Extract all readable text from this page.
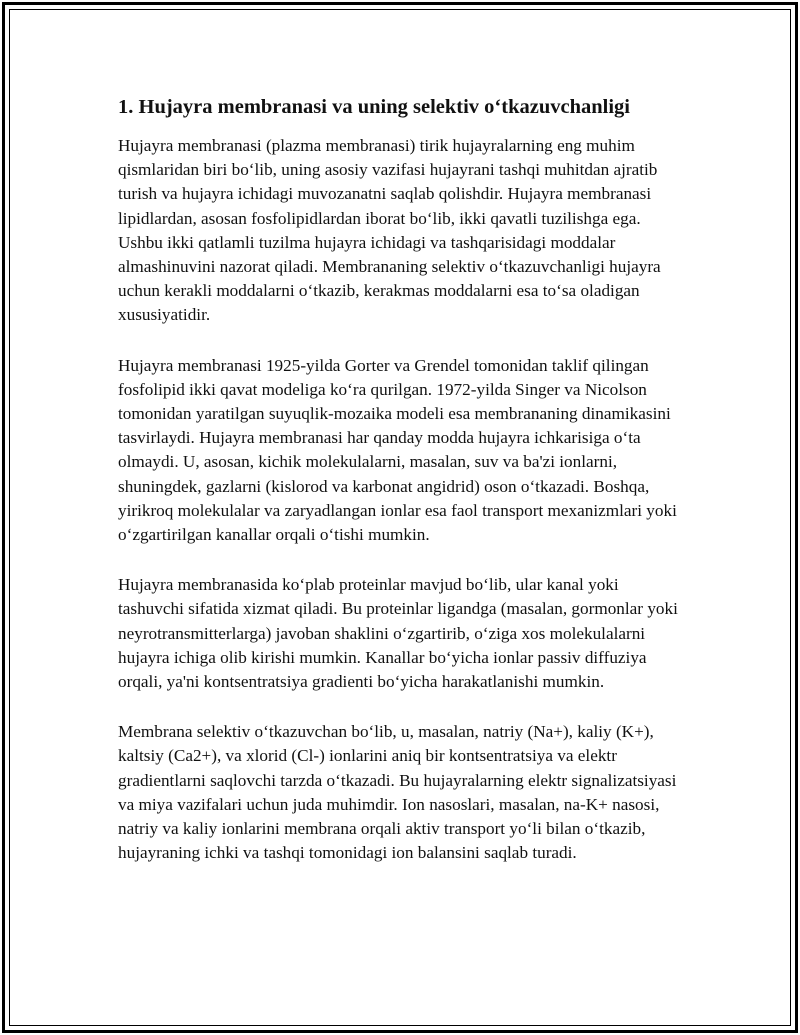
1. Hujayra membranasi va uning selektiv oʻtkazuvchanligi

Hujayra membranasi (plazma membranasi) tirik hujayralarning eng muhim qismlaridan biri boʻlib, uning asosiy vazifasi hujayrani tashqi muhitdan ajratib turish va hujayra ichidagi muvozanatni saqlab qolishdir. Hujayra membranasi lipidlardan, asosan fosfolipidlardan iborat boʻlib, ikki qavatli tuzilishga ega. Ushbu ikki qatlamli tuzilma hujayra ichidagi va tashqarisidagi moddalar almashinuvini nazorat qiladi. Membrananing selektiv oʻtkazuvchanligi hujayra uchun kerakli moddalarni oʻtkazib, kerakmas moddalarni esa toʻsa oladigan xususiyatidir.

Hujayra membranasi 1925-yilda Gorter va Grendel tomonidan taklif qilingan fosfolipid ikki qavat modeliga koʻra qurilgan. 1972-yilda Singer va Nicolson tomonidan yaratilgan suyuqlik-mozaika modeli esa membrananing dinamikasini tasvirlaydi. Hujayra membranasi har qanday modda hujayra ichkarisiga oʻta olmaydi. U, asosan, kichik molekulalarni, masalan, suv va ba'zi ionlarni, shuningdek, gazlarni (kislorod va karbonat angidrid) oson oʻtkazadi. Boshqa, yirikroq molekulalar va zaryadlangan ionlar esa faol transport mexanizmlari yoki oʻzgartirilgan kanallar orqali oʻtishi mumkin.

Hujayra membranasida koʻplab proteinlar mavjud boʻlib, ular kanal yoki tashuvchi sifatida xizmat qiladi. Bu proteinlar ligandga (masalan, gormonlar yoki neyrotransmitterlarga) javoban shaklini oʻzgartirib, oʻziga xos molekulalarni hujayra ichiga olib kirishi mumkin. Kanallar boʻyicha ionlar passiv diffuziya orqali, ya'ni kontsentratsiya gradienti boʻyicha harakatlanishi mumkin.

Membrana selektiv oʻtkazuvchan boʻlib, u, masalan, natriy (Na+), kaliy (K+), kaltsiy (Ca2+), va xlorid (Cl-) ionlarini aniq bir kontsentratsiya va elektr gradientlarni saqlovchi tarzda oʻtkazadi. Bu hujayralarning elektr signalizatsiyasi va miya vazifalari uchun juda muhimdir. Ion nasoslari, masalan, na-K+ nasosi, natriy va kaliy ionlarini membrana orqali aktiv transport yoʻli bilan oʻtkazib, hujayraning ichki va tashqi tomonidagi ion balansini saqlab turadi.
